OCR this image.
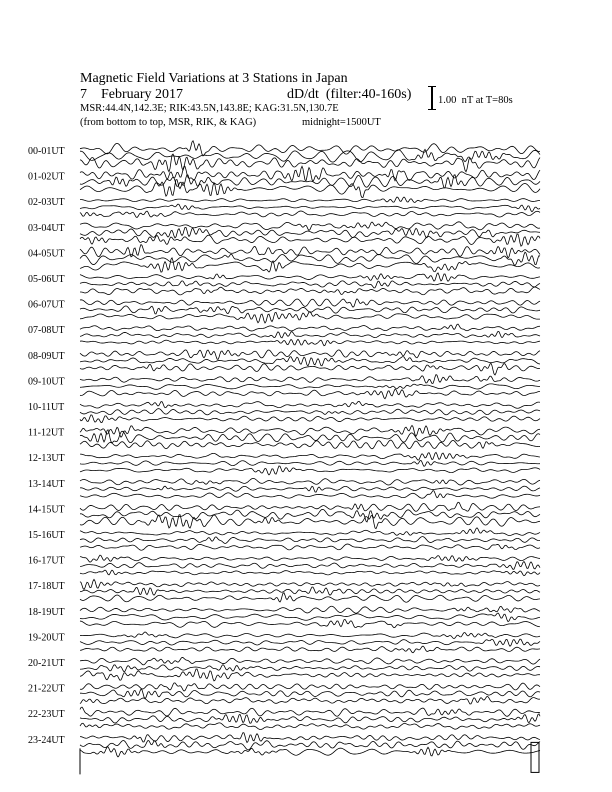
Magnetic Field Variations at 3 Stations in Japan
7    February 2017	dD/dt  (filter:40-160s)
MSR:44.4N,142.3E; RIK:43.5N,143.8E; KAG:31.5N,130.7E
(from bottom to top, MSR, RIK, & KAG)	midnight=1500UT
1.00  nT at T=80s
00-01UT
01-02UT
02-03UT
03-04UT
04-05UT
05-06UT
06-07UT
07-08UT
08-09UT
09-10UT
10-11UT
11-12UT
12-13UT
13-14UT
14-15UT
15-16UT
16-17UT
17-18UT
18-19UT
19-20UT
20-21UT
21-22UT
22-23UT
23-24UT
